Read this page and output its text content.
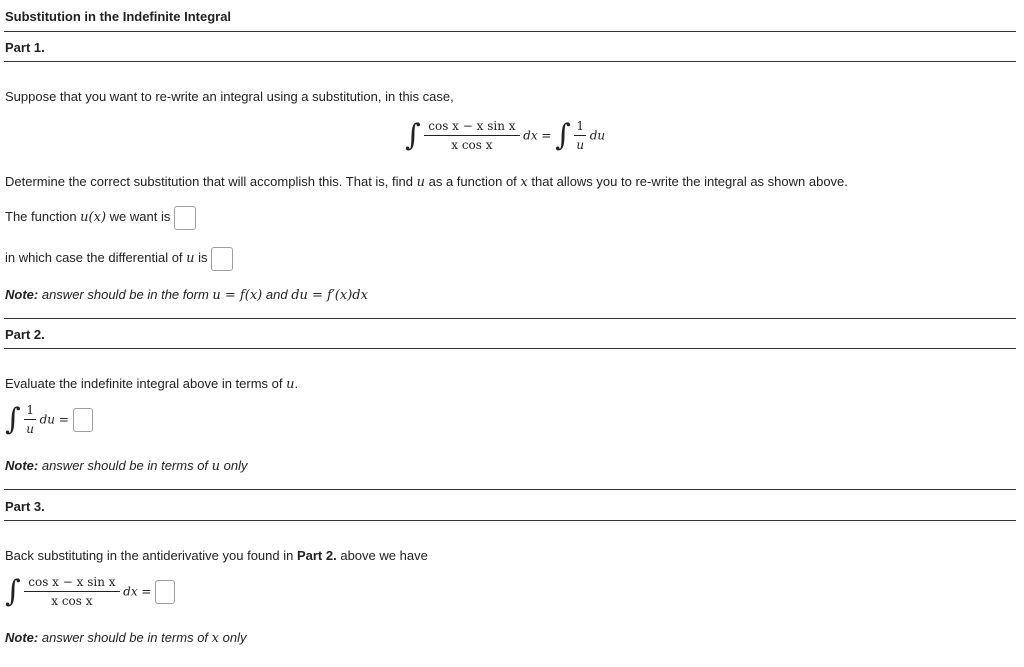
Substitution in the Indefinite Integral
Part 1.
Suppose that you want to re-write an integral using a substitution, in this case,
∫ $\frac{\text{cos x − x sin x}}{\text{x cos x}}$ dx = ∫ $\frac{1}{u}$ du
Determine the correct substitution that will accomplish this. That is, find u as a function of x that allows you to re-write the integral as shown above.
The function u(x) we want is
in which case the differential of u is
Note: answer should be in the form u = f(x) and du = f′(x)dx
Part 2.
Evaluate the indefinite integral above in terms of u.
∫ $\frac{1}{u}$ du =
Note: answer should be in terms of u only
Part 3.
Back substituting in the antiderivative you found in Part 2. above we have
∫ $\frac{\text{cos x − x sin x}}{\text{x cos x}}$ dx =
Note: answer should be in terms of x only
